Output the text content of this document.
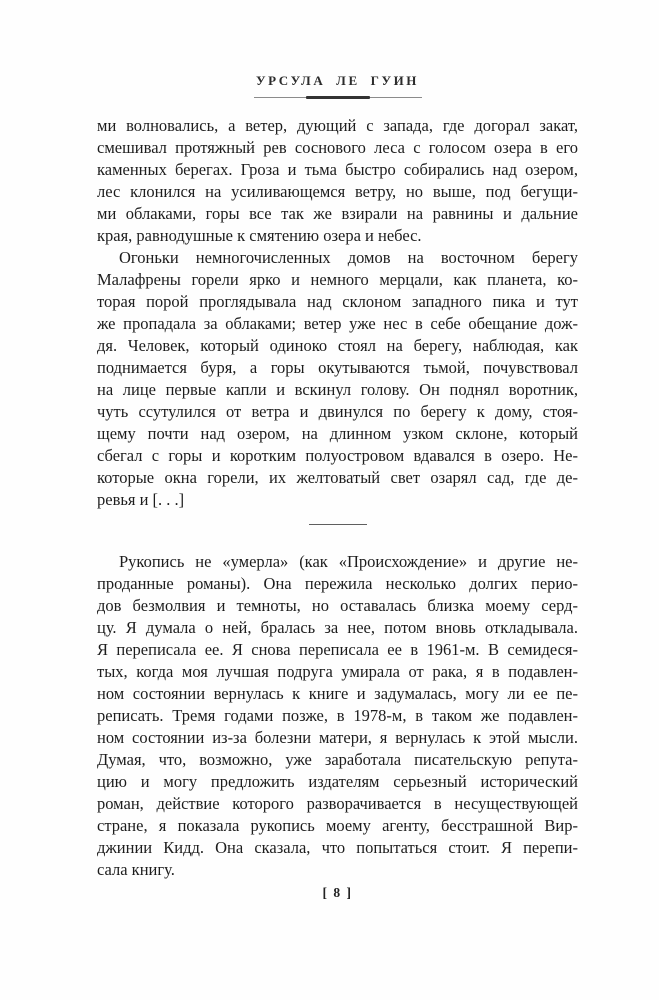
УРСУЛА ЛЕ ГУИН
ми волновались, а ветер, дующий с запада, где догорал закат,
смешивал протяжный рев соснового леса с голосом озера в его
каменных берегах. Гроза и тьма быстро собирались над озером,
лес клонился на усиливающемся ветру, но выше, под бегущи-
ми облаками, горы все так же взирали на равнины и дальние
края, равнодушные к смятению озера и небес.
Огоньки немногочисленных домов на восточном берегу
Малафрены горели ярко и немного мерцали, как планета, ко-
торая порой проглядывала над склоном западного пика и тут
же пропадала за облаками; ветер уже нес в себе обещание дож-
дя. Человек, который одиноко стоял на берегу, наблюдая, как
поднимается буря, а горы окутываются тьмой, почувствовал
на лице первые капли и вскинул голову. Он поднял воротник,
чуть ссутулился от ветра и двинулся по берегу к дому, стоя-
щему почти над озером, на длинном узком склоне, который
сбегал с горы и коротким полуостровом вдавался в озеро. Не-
которые окна горели, их желтоватый свет озарял сад, где де-
ревья и [. . .]
Рукопись не «умерла» (как «Происхождение» и другие не-
проданные романы). Она пережила несколько долгих перио-
дов безмолвия и темноты, но оставалась близка моему серд-
цу. Я думала о ней, бралась за нее, потом вновь откладывала.
Я переписала ее. Я снова переписала ее в 1961-м. В семидеся-
тых, когда моя лучшая подруга умирала от рака, я в подавлен-
ном состоянии вернулась к книге и задумалась, могу ли ее пе-
реписать. Тремя годами позже, в 1978-м, в таком же подавлен-
ном состоянии из-за болезни матери, я вернулась к этой мысли.
Думая, что, возможно, уже заработала писательскую репута-
цию и могу предложить издателям серьезный исторический
роман, действие которого разворачивается в несуществующей
стране, я показала рукопись моему агенту, бесстрашной Вир-
джинии Кидд. Она сказала, что попытаться стоит. Я перепи-
сала книгу.
[ 8 ]
